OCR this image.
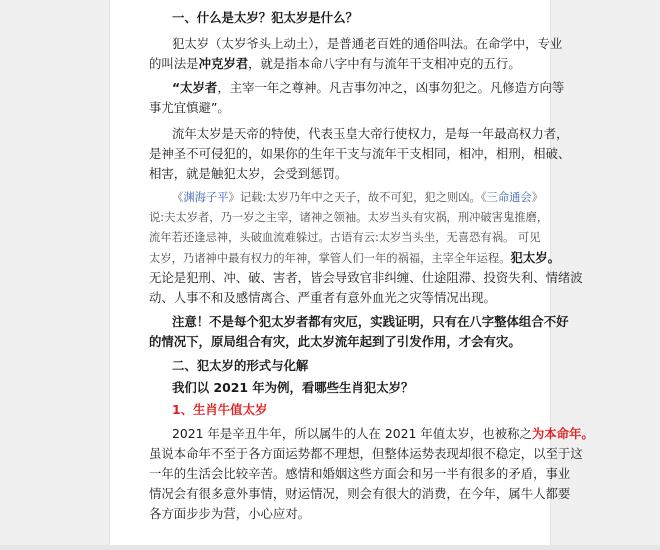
一、什么是太岁？犯太岁是什么？
犯太岁（太岁爷头上动土），是普通老百姓的通俗叫法。在命学中，专业
的叫法是冲克岁君，就是指本命八字中有与流年干支相冲克的五行。
“太岁者，主宰一年之尊神。凡吉事勿冲之，凶事勿犯之。凡修造方向等
事尤宜慎避”。
流年太岁是天帝的特使，代表玉皇大帝行使权力，是每一年最高权力者，
是神圣不可侵犯的，如果你的生年干支与流年干支相同，相冲，相刑，相破、
相害，就是触犯太岁，会受到惩罚。
《渊海子平》记载:太岁乃年中之天子，故不可犯，犯之则凶。《三命通会》
说:夫太岁者，乃一岁之主宰，诸神之领袖。太岁当头有灾祸，刑冲破害鬼推磨，
流年若还逢忌神，头破血流难躲过。古语有云:太岁当头坐，无喜恐有祸。 可见
太岁，乃诸神中最有权力的年神，掌管人们一年的祸福，主宰全年运程。犯太岁。
无论是犯刑、冲、破、害者，皆会导致官非纠缠、仕途阻滞、投资失利、情绪波
动、人事不和及感情离合、严重者有意外血光之灾等情况出现。
注意！不是每个犯太岁者都有灾厄，实践证明，只有在八字整体组合不好
的情况下，原局组合有灾，此太岁流年起到了引发作用，才会有灾。
二、犯太岁的形式与化解
我们以 2021 年为例，看哪些生肖犯太岁？
1、生肖牛值太岁
2021 年是辛丑牛年，所以属牛的人在 2021 年值太岁，也被称之为本命年。
虽说本命年不至于各方面运势都不理想，但整体运势表现却很不稳定，以至于这
一年的生活会比较辛苦。感情和婚姻这些方面会和另一半有很多的矛盾，事业
情况会有很多意外事情，财运情况，则会有很大的消费，在今年，属牛人都要
各方面步步为营，小心应对。
